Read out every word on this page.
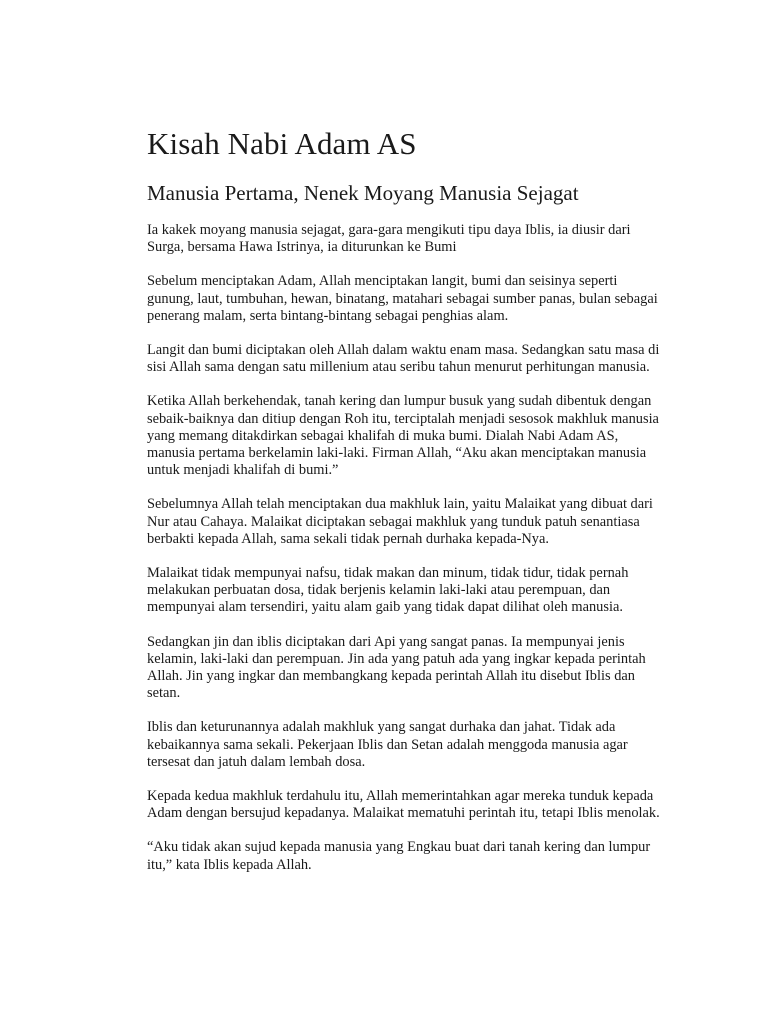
Kisah Nabi Adam AS
Manusia Pertama, Nenek Moyang Manusia Sejagat

Ia kakek moyang manusia sejagat, gara-gara mengikuti tipu daya Iblis, ia diusir dari Surga, bersama Hawa Istrinya, ia diturunkan ke Bumi

Sebelum menciptakan Adam, Allah menciptakan langit, bumi dan seisinya seperti gunung, laut, tumbuhan, hewan, binatang, matahari sebagai sumber panas, bulan sebagai penerang malam, serta bintang-bintang sebagai penghias alam.

Langit dan bumi diciptakan oleh Allah dalam waktu enam masa. Sedangkan satu masa di sisi Allah sama dengan satu millenium atau seribu tahun menurut perhitungan manusia.

Ketika Allah berkehendak, tanah kering dan lumpur busuk yang sudah dibentuk dengan sebaik-baiknya dan ditiup dengan Roh itu, terciptalah menjadi sesosok makhluk manusia yang memang ditakdirkan sebagai khalifah di muka bumi. Dialah Nabi Adam AS, manusia pertama berkelamin laki-laki. Firman Allah, “Aku akan menciptakan manusia untuk menjadi khalifah di bumi.”

Sebelumnya Allah telah menciptakan dua makhluk lain, yaitu Malaikat yang dibuat dari Nur atau Cahaya. Malaikat diciptakan sebagai makhluk yang tunduk patuh senantiasa berbakti kepada Allah, sama sekali tidak pernah durhaka kepada-Nya.

Malaikat tidak mempunyai nafsu, tidak makan dan minum, tidak tidur, tidak pernah melakukan perbuatan dosa, tidak berjenis kelamin laki-laki atau perempuan, dan mempunyai alam tersendiri, yaitu alam gaib yang tidak dapat dilihat oleh manusia.

Sedangkan jin dan iblis diciptakan dari Api yang sangat panas. Ia mempunyai jenis kelamin, laki-laki dan perempuan. Jin ada yang patuh ada yang ingkar kepada perintah Allah. Jin yang ingkar dan membangkang kepada perintah Allah itu disebut Iblis dan setan.

Iblis dan keturunannya adalah makhluk yang sangat durhaka dan jahat. Tidak ada kebaikannya sama sekali. Pekerjaan Iblis dan Setan adalah menggoda manusia agar tersesat dan jatuh dalam lembah dosa.

Kepada kedua makhluk terdahulu itu, Allah memerintahkan agar mereka tunduk kepada Adam dengan bersujud kepadanya. Malaikat mematuhi perintah itu, tetapi Iblis menolak.

“Aku tidak akan sujud kepada manusia yang Engkau buat dari tanah kering dan lumpur itu,” kata Iblis kepada Allah.
